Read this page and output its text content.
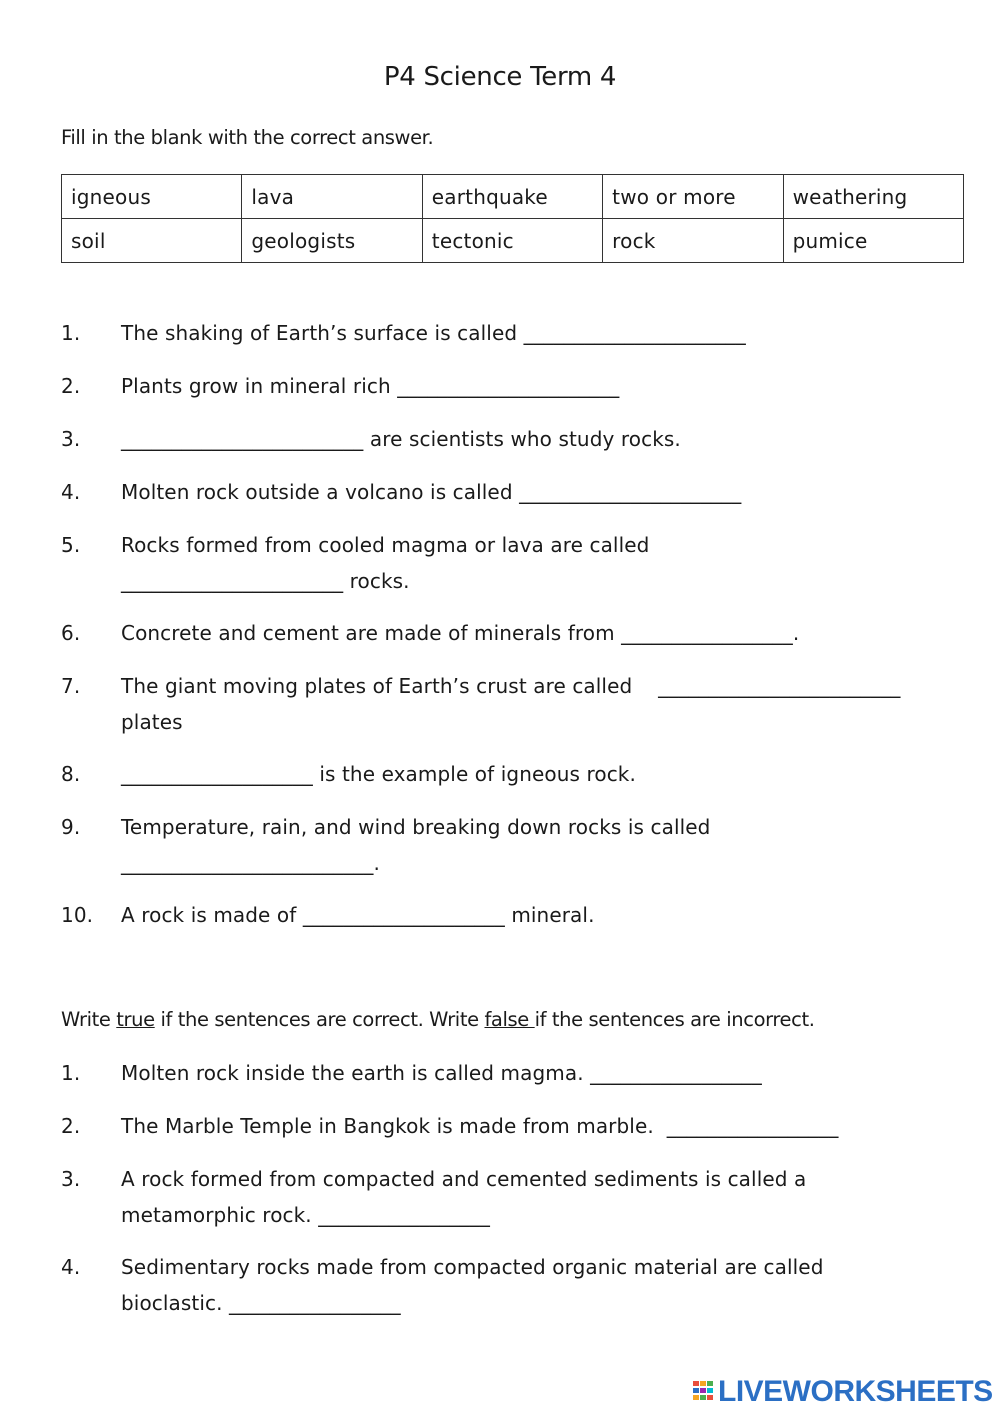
P4 Science Term 4
Fill in the blank with the correct answer.
igneous	lava	earthquake	two or more	weathering
soil	geologists	tectonic	rock	pumice
1.	The shaking of Earth’s surface is called ______________________
2.	Plants grow in mineral rich ______________________
3.	________________________ are scientists who study rocks.
4.	Molten rock outside a volcano is called ______________________
5.	Rocks formed from cooled magma or lava are called
______________________ rocks.
6.	Concrete and cement are made of minerals from _________________.
7.	The giant moving plates of Earth’s crust are called    ________________________
plates
8.	___________________ is the example of igneous rock.
9.	Temperature, rain, and wind breaking down rocks is called
_________________________.
10.	A rock is made of ____________________ mineral.
Write true if the sentences are correct. Write false if the sentences are incorrect.
1.	Molten rock inside the earth is called magma. _________________
2.	The Marble Temple in Bangkok is made from marble.  _________________
3.	A rock formed from compacted and cemented sediments is called a
metamorphic rock. _________________
4.	Sedimentary rocks made from compacted organic material are called
bioclastic. _________________
LIVEWORKSHEETS
